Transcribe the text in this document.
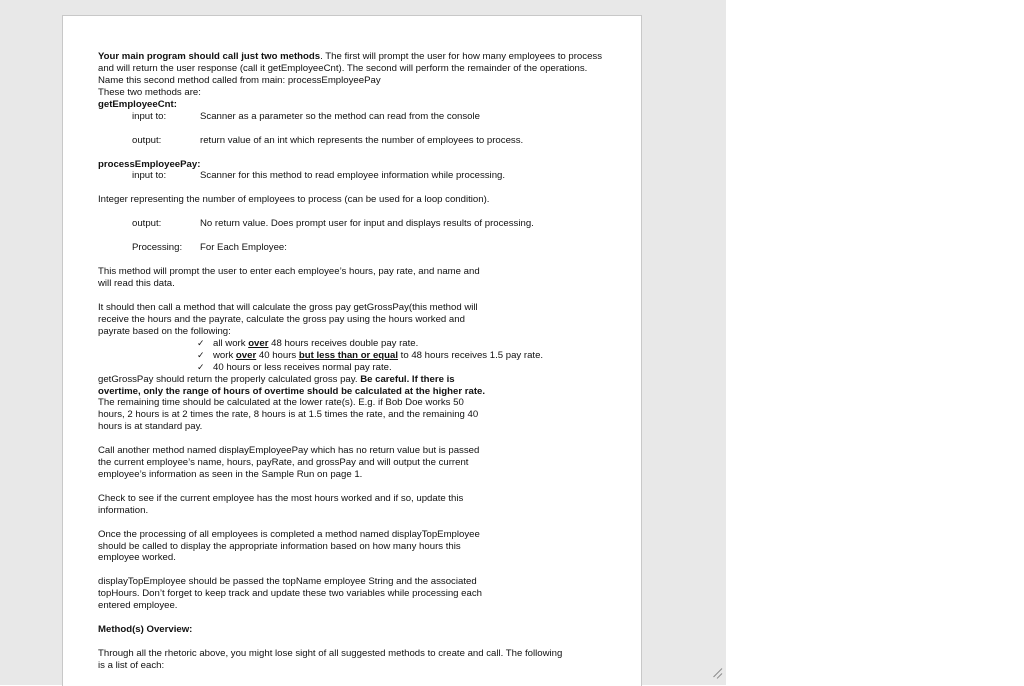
Your main program should call just two methods. The first will prompt the user for how many employees to process and will return the user response (call it getEmployeeCnt). The second will perform the remainder of the operations. Name this second method called from main: processEmployeePay

These two methods are:

getEmployeeCnt:

input to:	Scanner as a parameter so the method can read from the console
output:	return value of an int which represents the number of employees to process.

processEmployeePay:

input to:	Scanner for this method to read employee information while processing.

Integer representing the number of employees to process (can be used for a loop condition).

output:	No return value. Does prompt user for input and displays results of processing.
Processing: For Each Employee:

This method will prompt the user to enter each employee’s hours, pay rate, and name and will read this data.

It should then call a method that will calculate the gross pay getGrossPay(this method will receive the hours and the payrate, calculate the gross pay using the hours worked and payrate based on the following:

✓ all work over 48 hours receives double pay rate.
✓ work over 40 hours but less than or equal to 48 hours receives 1.5 pay rate.
✓ 40 hours or less receives normal pay rate.

getGrossPay should return the properly calculated gross pay. Be careful. If there is overtime, only the range of hours of overtime should be calculated at the higher rate. The remaining time should be calculated at the lower rate(s). E.g. if Bob Doe works 50 hours, 2 hours is at 2 times the rate, 8 hours is at 1.5 times the rate, and the remaining 40 hours is at standard pay.

Call another method named displayEmployeePay which has no return value but is passed the current employee’s name, hours, payRate, and grossPay and will output the current employee’s information as seen in the Sample Run on page 1.

Check to see if the current employee has the most hours worked and if so, update this information.

Once the processing of all employees is completed a method named displayTopEmployee should be called to display the appropriate information based on how many hours this employee worked.

displayTopEmployee should be passed the topName employee String and the associated topHours. Don’t forget to keep track and update these two variables while processing each entered employee.

Method(s) Overview:

Through all the rhetoric above, you might lose sight of all suggested methods to create and call. The following

is a list of each:
